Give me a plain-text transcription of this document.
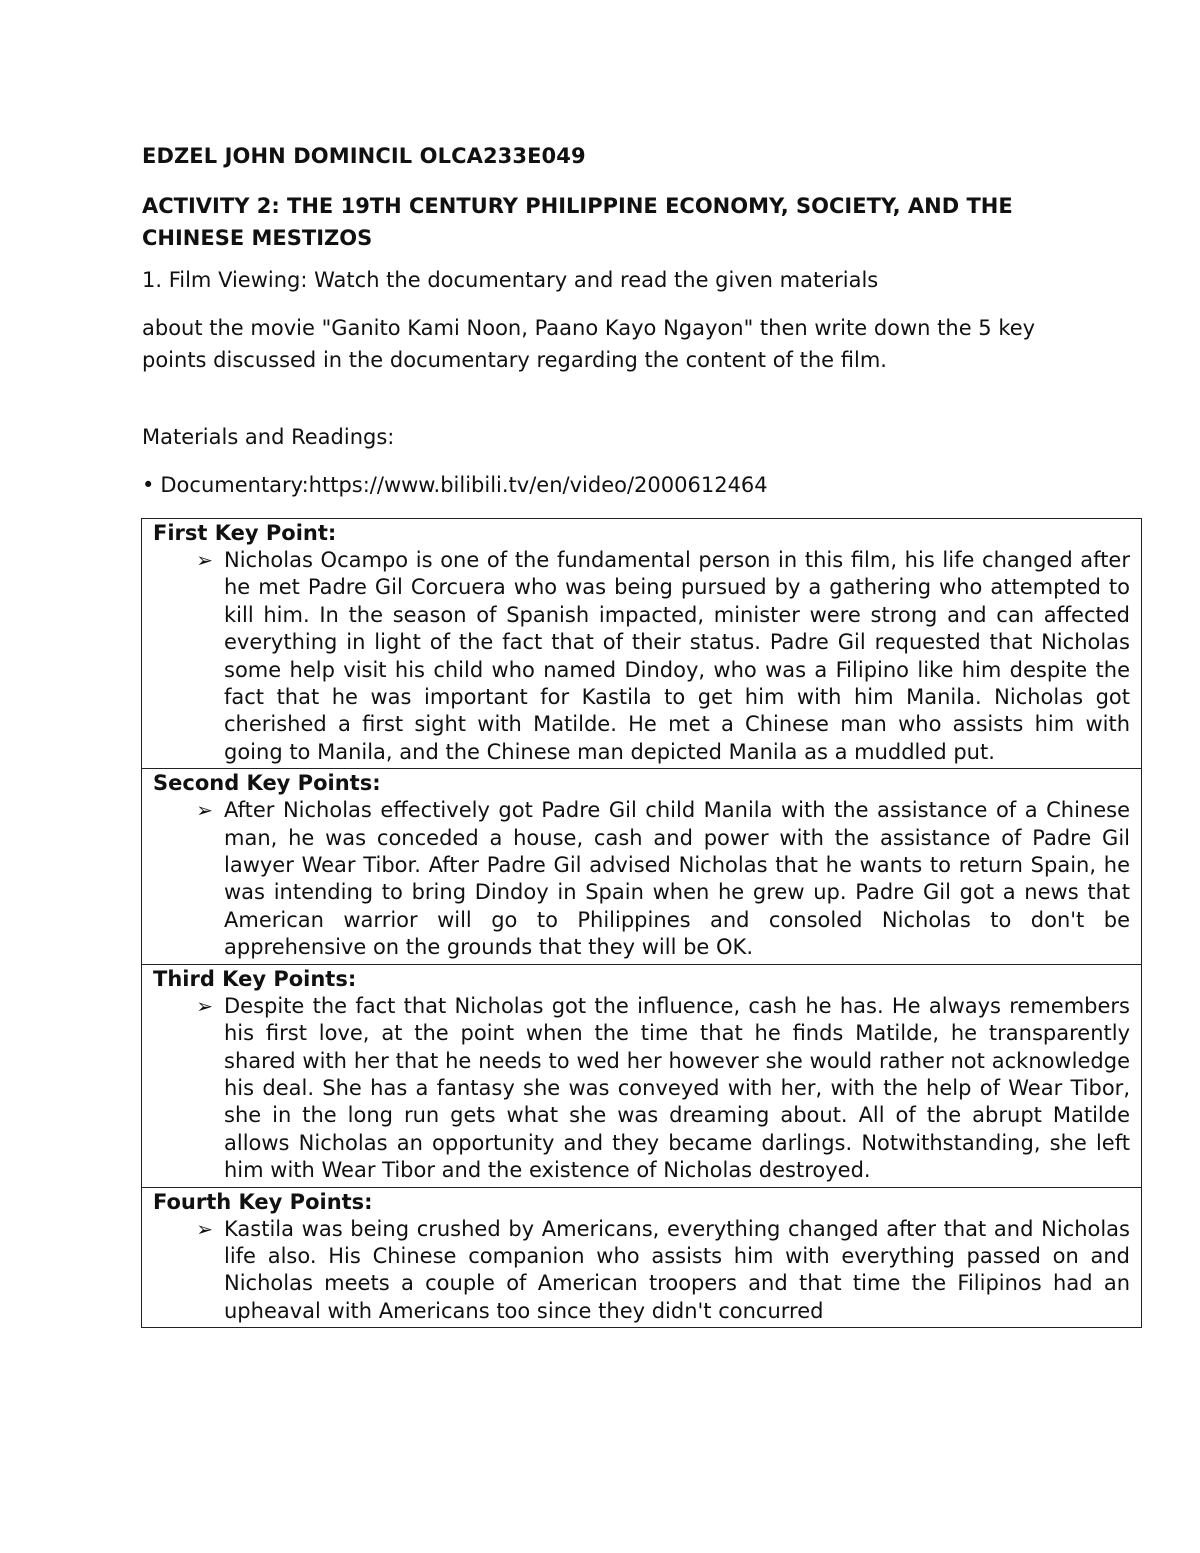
EDZEL JOHN DOMINCIL OLCA233E049
ACTIVITY 2: THE 19TH CENTURY PHILIPPINE ECONOMY, SOCIETY, AND THE CHINESE MESTIZOS
1. Film Viewing: Watch the documentary and read the given materials
about the movie "Ganito Kami Noon, Paano Kayo Ngayon" then write down the 5 key points discussed in the documentary regarding the content of the film.
Materials and Readings:
• Documentary:https://www.bilibili.tv/en/video/2000612464
First Key Point:
➢ Nicholas Ocampo is one of the fundamental person in this film, his life changed after he met Padre Gil Corcuera who was being pursued by a gathering who attempted to kill him. In the season of Spanish impacted, minister were strong and can affected everything in light of the fact that of their status. Padre Gil requested that Nicholas some help visit his child who named Dindoy, who was a Filipino like him despite the fact that he was important for Kastila to get him with him Manila. Nicholas got cherished a first sight with Matilde. He met a Chinese man who assists him with going to Manila, and the Chinese man depicted Manila as a muddled put.

Second Key Points:
➢ After Nicholas effectively got Padre Gil child Manila with the assistance of a Chinese man, he was conceded a house, cash and power with the assistance of Padre Gil lawyer Wear Tibor. After Padre Gil advised Nicholas that he wants to return Spain, he was intending to bring Dindoy in Spain when he grew up. Padre Gil got a news that American warrior will go to Philippines and consoled Nicholas to don't be apprehensive on the grounds that they will be OK.

Third Key Points:
➢ Despite the fact that Nicholas got the influence, cash he has. He always remembers his first love, at the point when the time that he finds Matilde, he transparently shared with her that he needs to wed her however she would rather not acknowledge his deal. She has a fantasy she was conveyed with her, with the help of Wear Tibor, she in the long run gets what she was dreaming about. All of the abrupt Matilde allows Nicholas an opportunity and they became darlings. Notwithstanding, she left him with Wear Tibor and the existence of Nicholas destroyed.

Fourth Key Points:
➢ Kastila was being crushed by Americans, everything changed after that and Nicholas life also. His Chinese companion who assists him with everything passed on and Nicholas meets a couple of American troopers and that time the Filipinos had an upheaval with Americans too since they didn't concurred
